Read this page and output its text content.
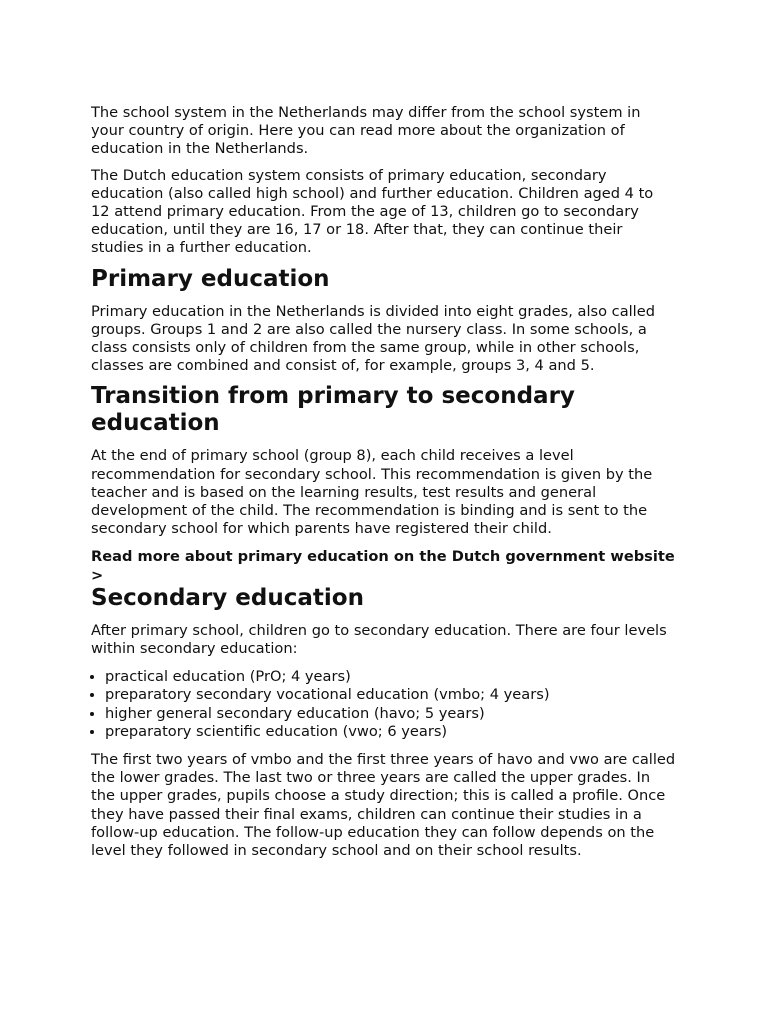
The school system in the Netherlands may differ from the school system in your country of origin. Here you can read more about the organization of education in the Netherlands.

The Dutch education system consists of primary education, secondary education (also called high school) and further education. Children aged 4 to 12 attend primary education. From the age of 13, children go to secondary education, until they are 16, 17 or 18. After that, they can continue their studies in a further education.

Primary education

Primary education in the Netherlands is divided into eight grades, also called groups. Groups 1 and 2 are also called the nursery class. In some schools, a class consists only of children from the same group, while in other schools, classes are combined and consist of, for example, groups 3, 4 and 5.

Transition from primary to secondary education

At the end of primary school (group 8), each child receives a level recommendation for secondary school. This recommendation is given by the teacher and is based on the learning results, test results and general development of the child. The recommendation is binding and is sent to the secondary school for which parents have registered their child.

Read more about primary education on the Dutch government website >

Secondary education

After primary school, children go to secondary education. There are four levels within secondary education:

• practical education (PrO; 4 years)
• preparatory secondary vocational education (vmbo; 4 years)
• higher general secondary education (havo; 5 years)
• preparatory scientific education (vwo; 6 years)

The first two years of vmbo and the first three years of havo and vwo are called the lower grades. The last two or three years are called the upper grades. In the upper grades, pupils choose a study direction; this is called a profile. Once they have passed their final exams, children can continue their studies in a follow-up education. The follow-up education they can follow depends on the level they followed in secondary school and on their school results.
